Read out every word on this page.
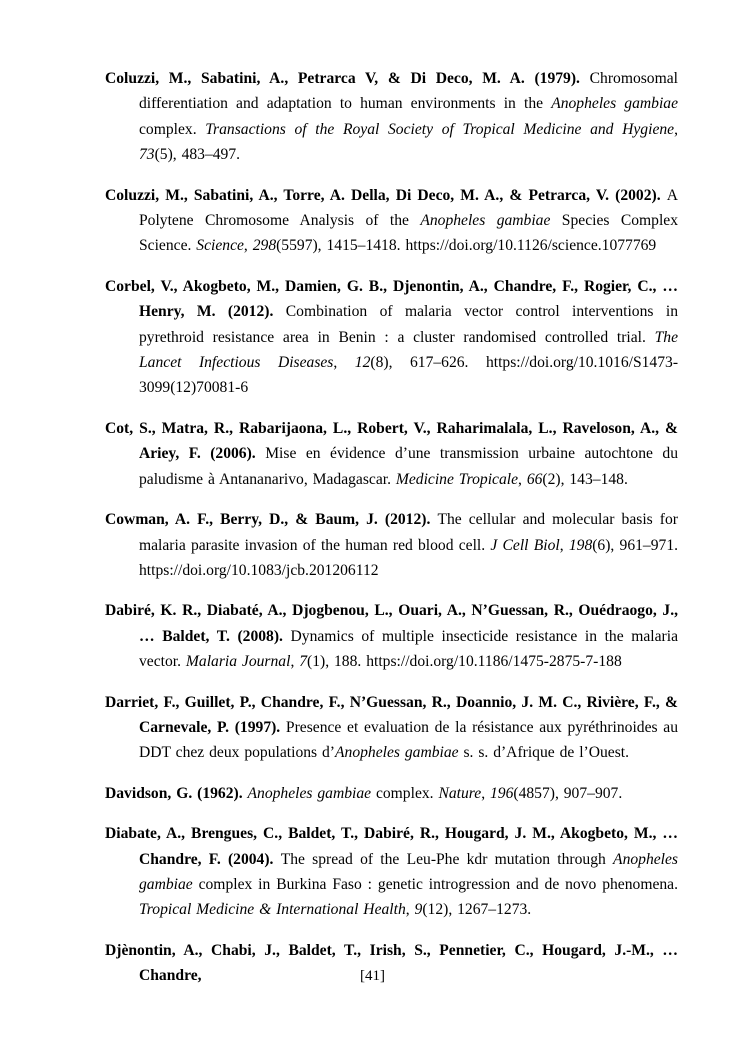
Coluzzi, M., Sabatini, A., Petrarca V, & Di Deco, M. A. (1979). Chromosomal differentiation and adaptation to human environments in the Anopheles gambiae complex. Transactions of the Royal Society of Tropical Medicine and Hygiene, 73(5), 483–497.

Coluzzi, M., Sabatini, A., Torre, A. Della, Di Deco, M. A., & Petrarca, V. (2002). A Polytene Chromosome Analysis of the Anopheles gambiae Species Complex Science. Science, 298(5597), 1415–1418. https://doi.org/10.1126/science.1077769

Corbel, V., Akogbeto, M., Damien, G. B., Djenontin, A., Chandre, F., Rogier, C., … Henry, M. (2012). Combination of malaria vector control interventions in pyrethroid resistance area in Benin : a cluster randomised controlled trial. The Lancet Infectious Diseases, 12(8), 617–626. https://doi.org/10.1016/S1473-3099(12)70081-6

Cot, S., Matra, R., Rabarijaona, L., Robert, V., Raharimalala, L., Raveloson, A., & Ariey, F. (2006). Mise en évidence d’une transmission urbaine autochtone du paludisme à Antananarivo, Madagascar. Medicine Tropicale, 66(2), 143–148.

Cowman, A. F., Berry, D., & Baum, J. (2012). The cellular and molecular basis for malaria parasite invasion of the human red blood cell. J Cell Biol, 198(6), 961–971. https://doi.org/10.1083/jcb.201206112

Dabiré, K. R., Diabaté, A., Djogbenou, L., Ouari, A., N’Guessan, R., Ouédraogo, J., … Baldet, T. (2008). Dynamics of multiple insecticide resistance in the malaria vector. Malaria Journal, 7(1), 188. https://doi.org/10.1186/1475-2875-7-188

Darriet, F., Guillet, P., Chandre, F., N’Guessan, R., Doannio, J. M. C., Rivière, F., & Carnevale, P. (1997). Presence et evaluation de la résistance aux pyréthrinoides au DDT chez deux populations d’Anopheles gambiae s. s. d’Afrique de l’Ouest.

Davidson, G. (1962). Anopheles gambiae complex. Nature, 196(4857), 907–907.

Diabate, A., Brengues, C., Baldet, T., Dabiré, R., Hougard, J. M., Akogbeto, M., … Chandre, F. (2004). The spread of the Leu-Phe kdr mutation through Anopheles gambiae complex in Burkina Faso : genetic introgression and de novo phenomena. Tropical Medicine & International Health, 9(12), 1267–1273.

Djènontin, A., Chabi, J., Baldet, T., Irish, S., Pennetier, C., Hougard, J.-M., … Chandre,	[41]
